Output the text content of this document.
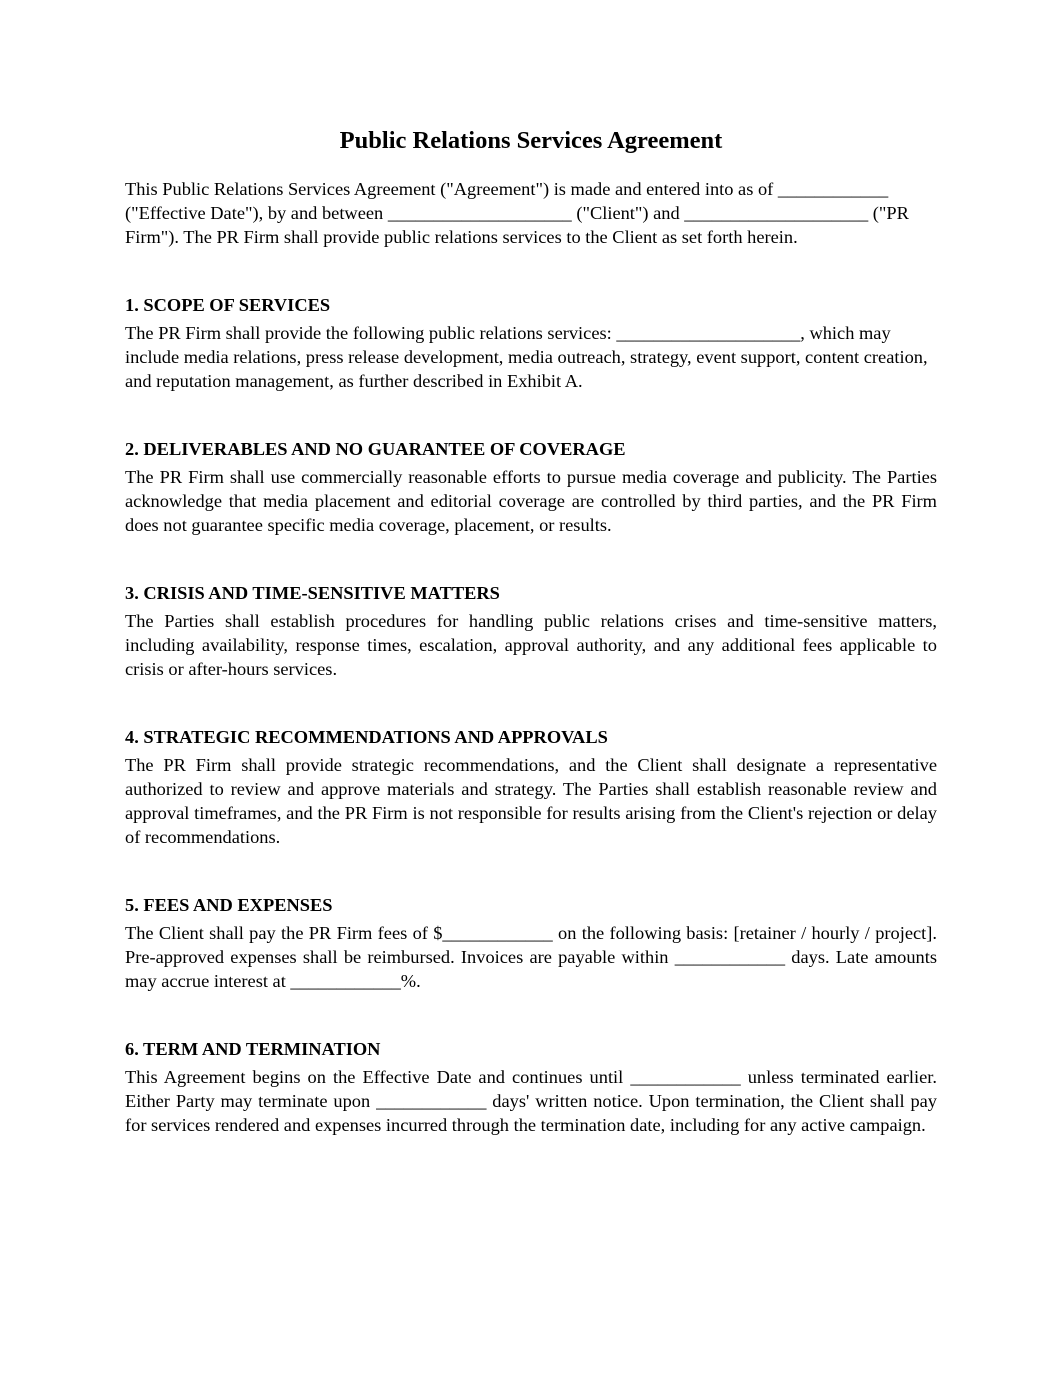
Public Relations Services Agreement

This Public Relations Services Agreement ("Agreement") is made and entered into as of ____________ ("Effective Date"), by and between ____________________ ("Client") and ____________________ ("PR Firm"). The PR Firm shall provide public relations services to the Client as set forth herein.

1. SCOPE OF SERVICES

The PR Firm shall provide the following public relations services: ____________________, which may include media relations, press release development, media outreach, strategy, event support, content creation, and reputation management, as further described in Exhibit A.

2. DELIVERABLES AND NO GUARANTEE OF COVERAGE

The PR Firm shall use commercially reasonable efforts to pursue media coverage and publicity. The Parties acknowledge that media placement and editorial coverage are controlled by third parties, and the PR Firm does not guarantee specific media coverage, placement, or results.

3. CRISIS AND TIME-SENSITIVE MATTERS

The Parties shall establish procedures for handling public relations crises and time-sensitive matters, including availability, response times, escalation, approval authority, and any additional fees applicable to crisis or after-hours services.

4. STRATEGIC RECOMMENDATIONS AND APPROVALS

The PR Firm shall provide strategic recommendations, and the Client shall designate a representative authorized to review and approve materials and strategy. The Parties shall establish reasonable review and approval timeframes, and the PR Firm is not responsible for results arising from the Client's rejection or delay of recommendations.

5. FEES AND EXPENSES

The Client shall pay the PR Firm fees of $____________ on the following basis: [retainer / hourly / project]. Pre-approved expenses shall be reimbursed. Invoices are payable within ____________ days. Late amounts may accrue interest at ____________%.

6. TERM AND TERMINATION

This Agreement begins on the Effective Date and continues until ____________ unless terminated earlier. Either Party may terminate upon ____________ days' written notice. Upon termination, the Client shall pay for services rendered and expenses incurred through the termination date, including for any active campaign.
